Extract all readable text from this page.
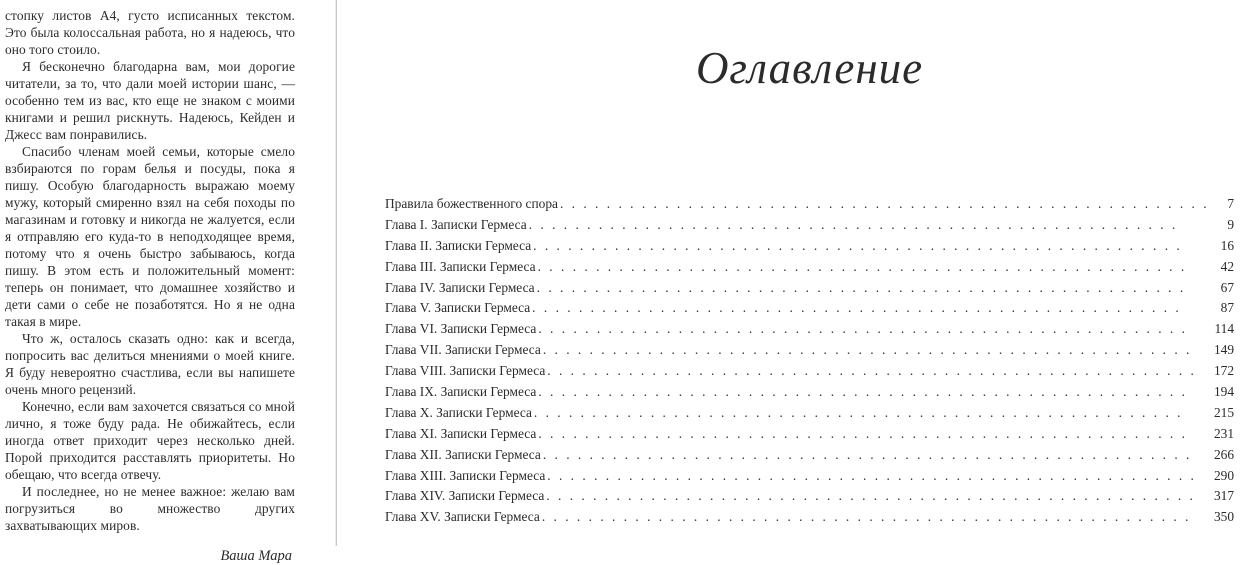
стопку листов А4, густо исписанных текстом. Это была колоссальная работа, но я надеюсь, что оно того стоило.

Я бесконечно благодарна вам, мои дорогие читатели, за то, что дали моей истории шанс, — особенно тем из вас, кто еще не знаком с моими книгами и решил рискнуть. Надеюсь, Кейден и Джесс вам понравились.

Спасибо членам моей семьи, которые смело взбираются по горам белья и посуды, пока я пишу. Особую благодарность выражаю моему мужу, который смиренно взял на себя походы по магазинам и готовку и никогда не жалуется, если я отправляю его куда-то в неподходящее время, потому что я очень быстро забываюсь, когда пишу. В этом есть и положительный момент: теперь он понимает, что домашнее хозяйство и дети сами о себе не позаботятся. Но я не одна такая в мире.

Что ж, осталось сказать одно: как и всегда, попросить вас делиться мнениями о моей книге. Я буду невероятно счастлива, если вы напишете очень много рецензий.

Конечно, если вам захочется связаться со мной лично, я тоже буду рада. Не обижайтесь, если иногда ответ приходит через несколько дней. Порой приходится расставлять приоритеты. Но обещаю, что всегда отвечу.

И последнее, но не менее важное: желаю вам погрузиться во множество других захватывающих миров.

Ваша Мара
Оглавление
Правила божественного спора . . .	7
Глава I. Записки Гермеса . . .	9
Глава II. Записки Гермеса . . .	16
Глава III. Записки Гермеса . . .	42
Глава IV. Записки Гермеса . . .	67
Глава V. Записки Гермеса . . .	87
Глава VI. Записки Гермеса . . .	114
Глава VII. Записки Гермеса . . .	149
Глава VIII. Записки Гермеса . . .	172
Глава IX. Записки Гермеса . . .	194
Глава X. Записки Гермеса . . .	215
Глава XI. Записки Гермеса . . .	231
Глава XII. Записки Гермеса . . .	266
Глава XIII. Записки Гермеса . . .	290
Глава XIV. Записки Гермеса . . .	317
Глава XV. Записки Гермеса . . .	350
